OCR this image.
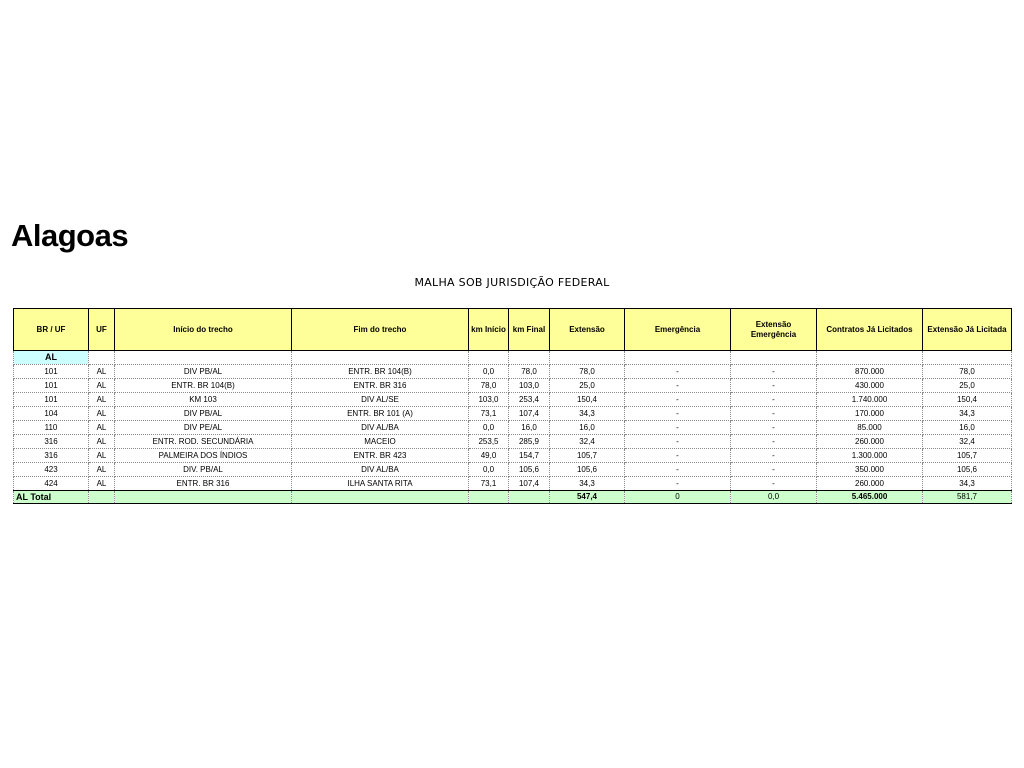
Alagoas
MALHA SOB JURISDIÇÃO FEDERAL
BR / UF	UF	Início do trecho	Fim do trecho	km Início	km Final	Extensão	Emergência	Extensão Emergência	Contratos Já Licitados	Extensão Já Licitada
AL										
101	AL	DIV PB/AL	ENTR. BR 104(B)	0,0	78,0	78,0	-	-	870.000	78,0
101	AL	ENTR. BR 104(B)	ENTR. BR 316	78,0	103,0	25,0	-	-	430.000	25,0
101	AL	KM 103	DIV AL/SE	103,0	253,4	150,4	-	-	1.740.000	150,4
104	AL	DIV PB/AL	ENTR. BR 101 (A)	73,1	107,4	34,3	-	-	170.000	34,3
110	AL	DIV PE/AL	DIV AL/BA	0,0	16,0	16,0	-	-	85.000	16,0
316	AL	ENTR. ROD. SECUNDÁRIA	MACEIO	253,5	285,9	32,4	-	-	260.000	32,4
316	AL	PALMEIRA DOS ÍNDIOS	ENTR. BR 423	49,0	154,7	105,7	-	-	1.300.000	105,7
423	AL	DIV. PB/AL	DIV AL/BA	0,0	105,6	105,6	-	-	350.000	105,6
424	AL	ENTR. BR 316	ILHA SANTA RITA	73,1	107,4	34,3	-	-	260.000	34,3
AL Total						547,4	0	0,0	5.465.000	581,7
